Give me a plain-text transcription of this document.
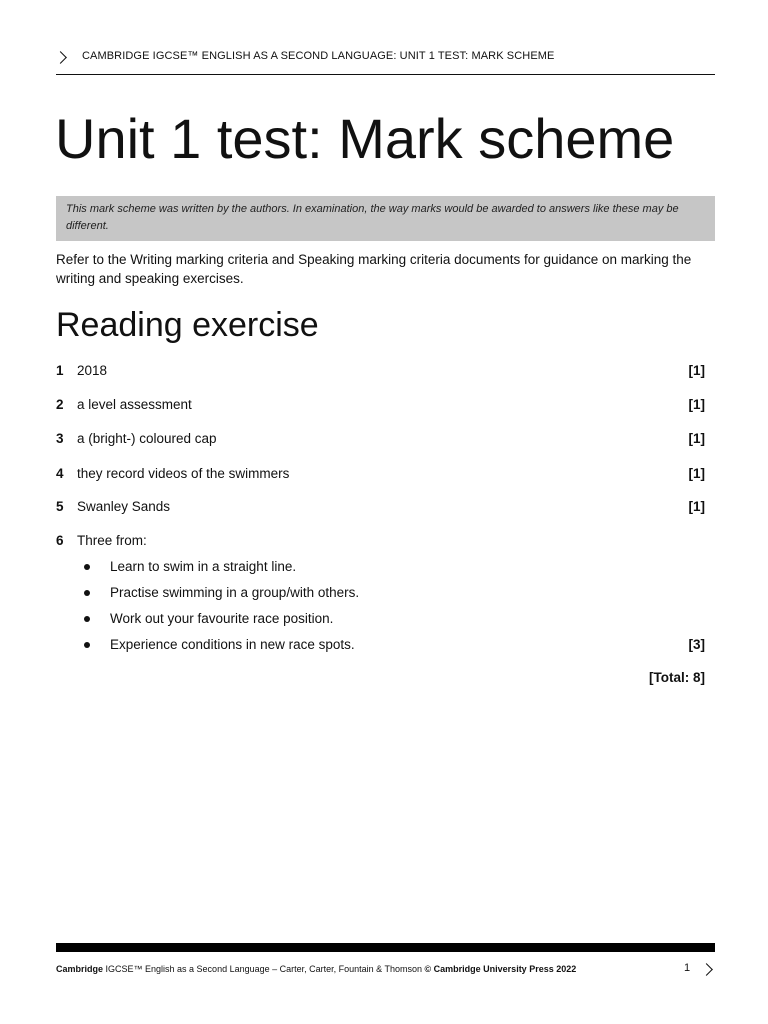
CAMBRIDGE IGCSE™ ENGLISH AS A SECOND LANGUAGE: UNIT 1 TEST: MARK SCHEME
Unit 1 test: Mark scheme
This mark scheme was written by the authors. In examination, the way marks would be awarded to answers like these may be different.
Refer to the Writing marking criteria and Speaking marking criteria documents for guidance on marking the writing and speaking exercises.
Reading exercise
1 2018	[1]
2 a level assessment	[1]
3 a (bright-) coloured cap	[1]
4 they record videos of the swimmers	[1]
5 Swanley Sands	[1]
6 Three from:
Learn to swim in a straight line.
Practise swimming in a group/with others.
Work out your favourite race position.
Experience conditions in new race spots.	[3]
[Total: 8]
Cambridge IGCSE™ English as a Second Language – Carter, Carter, Fountain & Thomson © Cambridge University Press 2022	1
